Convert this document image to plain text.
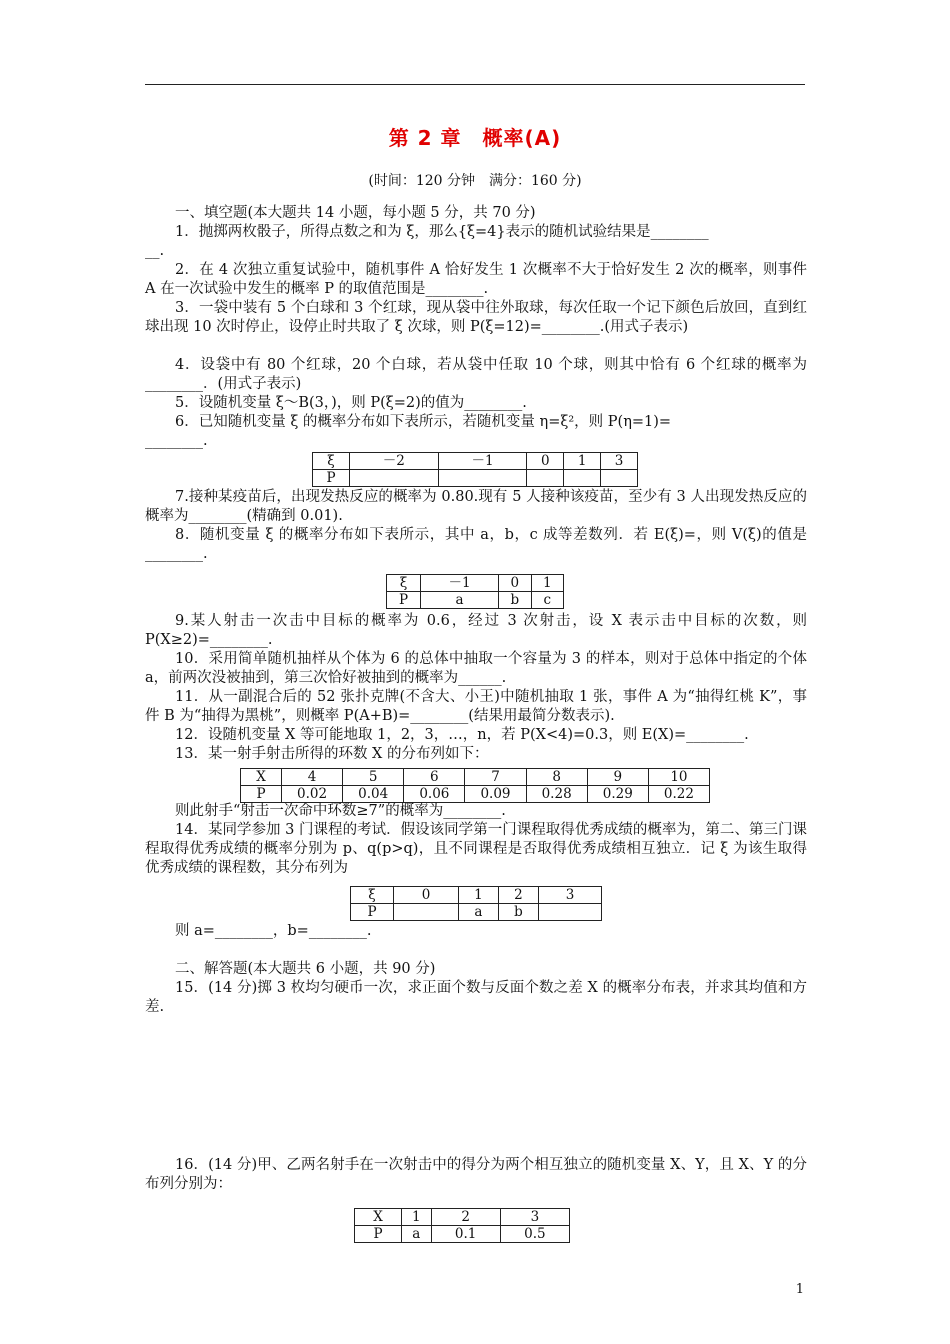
第 2 章　概率(A)
(时间：120 分钟　满分：160 分)
一、填空题(本大题共 14 小题，每小题 5 分，共 70 分)
1．抛掷两枚骰子，所得点数之和为 ξ，那么{ξ=4}表示的随机试验结果是________
__.
2．在 4 次独立重复试验中，随机事件 A 恰好发生 1 次概率不大于恰好发生 2 次的概率，则事件 A 在一次试验中发生的概率 P 的取值范围是________.
3．一袋中装有 5 个白球和 3 个红球，现从袋中往外取球，每次任取一个记下颜色后放回，直到红球出现 10 次时停止，设停止时共取了 ξ 次球，则 P(ξ=12)=________.(用式子表示)
4．设袋中有 80 个红球，20 个白球，若从袋中任取 10 个球，则其中恰有 6 个红球的概率为________．(用式子表示)
5．设随机变量 ξ～B(3，)，则 P(ξ=2)的值为________.
6．已知随机变量 ξ 的概率分布如下表所示，若随机变量 η=ξ²，则 P(η=1)=
________.
ξ	－2	－1	0	1	3
P					
7.接种某疫苗后，出现发热反应的概率为 0.80.现有 5 人接种该疫苗，至少有 3 人出现发热反应的概率为________(精确到 0.01).
8．随机变量 ξ 的概率分布如下表所示，其中 a，b，c 成等差数列．若 E(ξ)=，则 V(ξ)的值是________.
ξ	－1	0	1
P	a	b	c
9.某人射击一次击中目标的概率为 0.6，经过 3 次射击，设 X 表示击中目标的次数，则 P(X≥2)=________.
10．采用简单随机抽样从个体为 6 的总体中抽取一个容量为 3 的样本，则对于总体中指定的个体 a，前两次没被抽到，第三次恰好被抽到的概率为______.
11．从一副混合后的 52 张扑克牌(不含大、小王)中随机抽取 1 张，事件 A 为“抽得红桃 K”，事件 B 为“抽得为黑桃”，则概率 P(A+B)=________(结果用最简分数表示).
12．设随机变量 X 等可能地取 1，2，3，…，n，若 P(X<4)=0.3，则 E(X)=________.
13．某一射手射击所得的环数 X 的分布列如下：
X	4	5	6	7	8	9	10
P	0.02	0.04	0.06	0.09	0.28	0.29	0.22
则此射手“射击一次命中环数≥7”的概率为________.
14．某同学参加 3 门课程的考试．假设该同学第一门课程取得优秀成绩的概率为，第二、第三门课程取得优秀成绩的概率分别为 p、q(p>q)，且不同课程是否取得优秀成绩相互独立．记 ξ 为该生取得优秀成绩的课程数，其分布列为
ξ	0	1	2	3
P		a	b	
则 a=________，b=________.
二、解答题(本大题共 6 小题，共 90 分)
15．(14 分)掷 3 枚均匀硬币一次，求正面个数与反面个数之差 X 的概率分布表，并求其均值和方差.
16．(14 分)甲、乙两名射手在一次射击中的得分为两个相互独立的随机变量 X、Y，且 X、Y 的分布列分别为：
X	1	2	3
P	a	0.1	0.5
1
